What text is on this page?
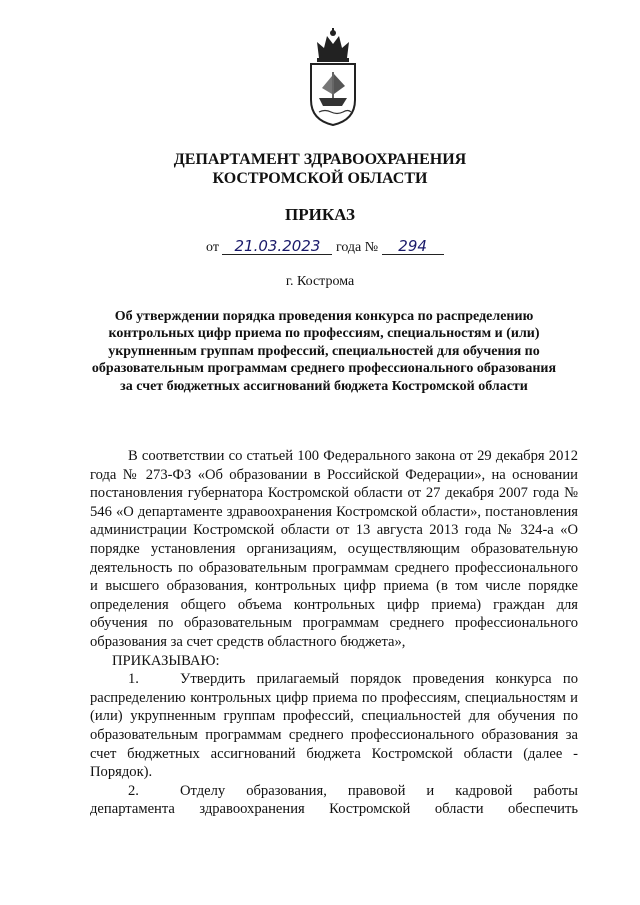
ДЕПАРТАМЕНТ ЗДРАВООХРАНЕНИЯ
КОСТРОМСКОЙ ОБЛАСТИ
ПРИКАЗ
от 21.03.2023 года № 294
г. Кострома
Об утверждении порядка проведения конкурса по распределению контрольных цифр приема по профессиям, специальностям и (или) укрупненным группам профессий, специальностей для обучения по образовательным программам среднего профессионального образования за счет бюджетных ассигнований бюджета Костромской области

В соответствии со статьей 100 Федерального закона от 29 декабря 2012 года № 273-ФЗ «Об образовании в Российской Федерации», на основании постановления губернатора Костромской области от 27 декабря 2007 года № 546 «О департаменте здравоохранения Костромской области», постановления администрации Костромской области от 13 августа 2013 года № 324-а «О порядке установления организациям, осуществляющим образовательную деятельность по образовательным программам среднего профессионального и высшего образования, контрольных цифр приема (в том числе порядке определения общего объема контрольных цифр приема) граждан для обучения по образовательным программам среднего профессионального образования за счет средств областного бюджета»,

ПРИКАЗЫВАЮ:

1.	Утвердить прилагаемый порядок проведения конкурса по распределению контрольных цифр приема по профессиям, специальностям и (или) укрупненным группам профессий, специальностей для обучения по образовательным программам среднего профессионального образования за счет бюджетных ассигнований бюджета Костромской области (далее - Порядок).

2.	Отделу образования, правовой и кадровой работы департамента здравоохранения Костромской области обеспечить
